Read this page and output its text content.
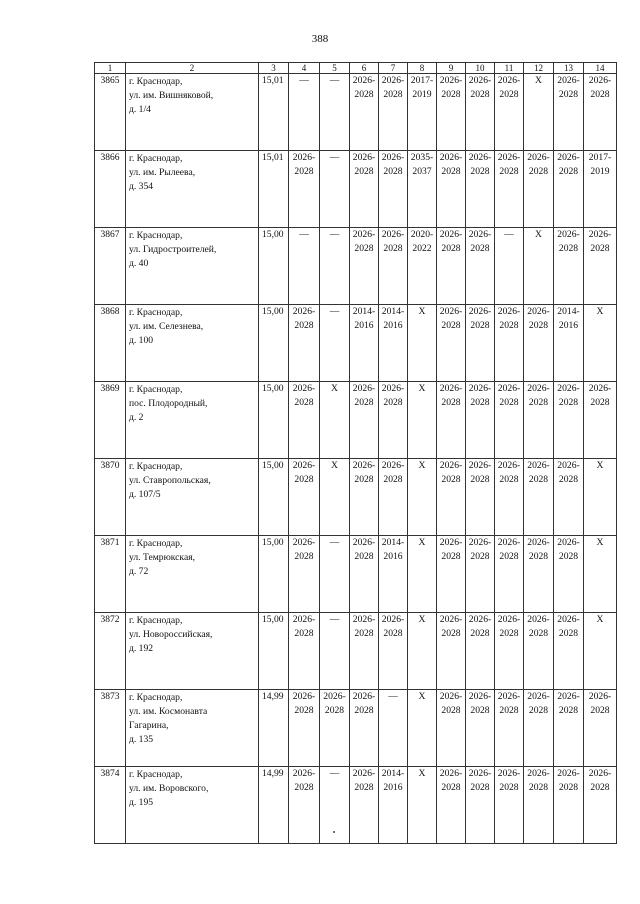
388
1	2	3	4	5	6	7	8	9	10	11	12	13	14
3865	г. Краснодар,
ул. им. Вишняковой,
д. 1/4	15,01	—	—	2026-2028	2026-2028	2017-2019	2026-2028	2026-2028	2026-2028	Х	2026-2028	2026-2028
3866	г. Краснодар,
ул. им. Рылеева,
д. 354	15,01	2026-2028	—	2026-2028	2026-2028	2035-2037	2026-2028	2026-2028	2026-2028	2026-2028	2026-2028	2017-2019
3867	г. Краснодар,
ул. Гидростроителей,
д. 40	15,00	—	—	2026-2028	2026-2028	2020-2022	2026-2028	2026-2028	—	Х	2026-2028	2026-2028
3868	г. Краснодар,
ул. им. Селезнева,
д. 100	15,00	2026-2028	—	2014-2016	2014-2016	Х	2026-2028	2026-2028	2026-2028	2026-2028	2014-2016	Х
3869	г. Краснодар,
пос. Плодородный,
д. 2	15,00	2026-2028	Х	2026-2028	2026-2028	Х	2026-2028	2026-2028	2026-2028	2026-2028	2026-2028	2026-2028
3870	г. Краснодар,
ул. Ставропольская,
д. 107/5	15,00	2026-2028	Х	2026-2028	2026-2028	Х	2026-2028	2026-2028	2026-2028	2026-2028	2026-2028	Х
3871	г. Краснодар,
ул. Темрюкская,
д. 72	15,00	2026-2028	—	2026-2028	2014-2016	Х	2026-2028	2026-2028	2026-2028	2026-2028	2026-2028	Х
3872	г. Краснодар,
ул. Новороссийская,
д. 192	15,00	2026-2028	—	2026-2028	2026-2028	Х	2026-2028	2026-2028	2026-2028	2026-2028	2026-2028	Х
3873	г. Краснодар,
ул. им. Космонавта
Гагарина,
д. 135	14,99	2026-2028	2026-2028	2026-2028	—	Х	2026-2028	2026-2028	2026-2028	2026-2028	2026-2028	2026-2028
3874	г. Краснодар,
ул. им. Воровского,
д. 195	14,99	2026-2028	—	2026-2028	2014-2016	Х	2026-2028	2026-2028	2026-2028	2026-2028	2026-2028	2026-2028
